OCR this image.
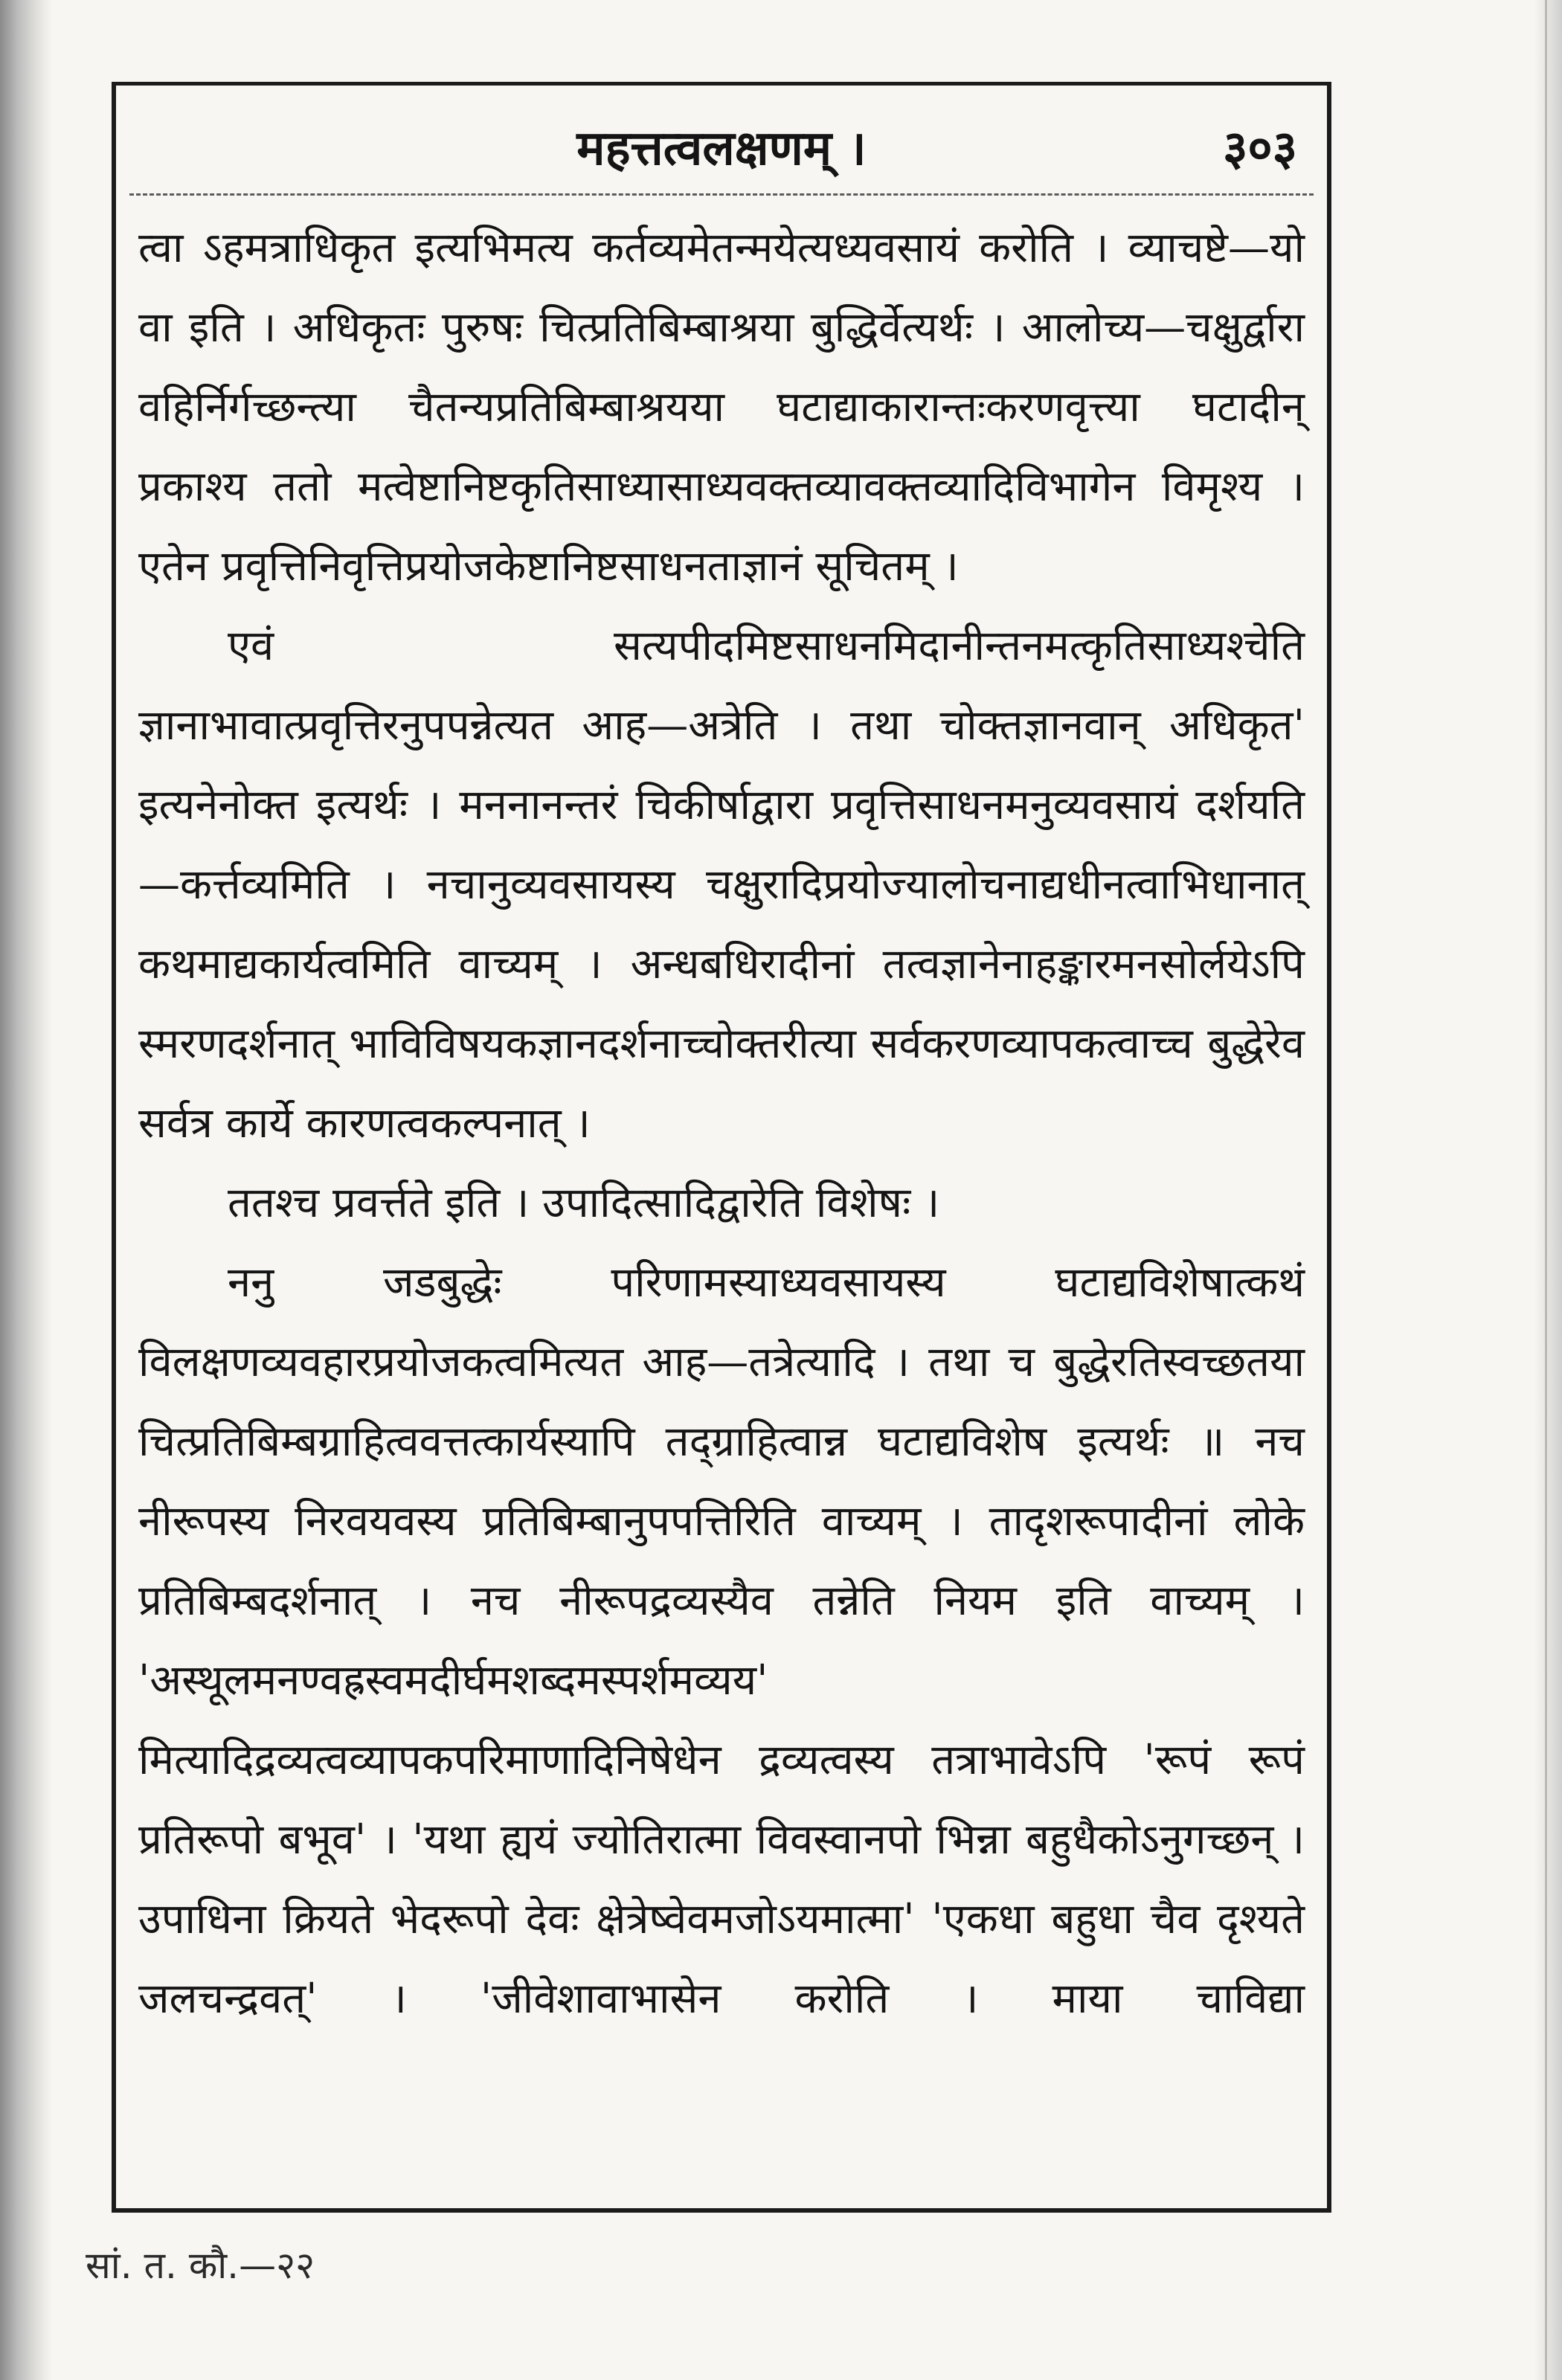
महत्तत्वलक्षणम् ।	३०३

त्वा ऽहमत्राधिकृत इत्यभिमत्य कर्तव्यमेतन्मयेत्यध्यवसायं करोति । व्याचष्टे—यो वा इति । अधिकृतः पुरुषः चित्प्रतिबिम्बाश्रया बुद्धिर्वेत्यर्थः । आलोच्य—चक्षुर्द्वारा वहिर्निर्गच्छन्त्या चैतन्यप्रतिबिम्बाश्रयया घटाद्याकारान्तःकरणवृत्त्या घटादीन् प्रकाश्य ततो मत्वेष्टानिष्टकृतिसाध्यासाध्यवक्तव्यावक्तव्यादिविभागेन विमृश्य । एतेन प्रवृत्तिनिवृत्तिप्रयोजकेष्टानिष्टसाधनताज्ञानं सूचितम् ।

एवं सत्यपीदमिष्टसाधनमिदानीन्तनमत्कृतिसाध्यश्चेति ज्ञानाभावात्प्रवृत्तिरनुपपन्नेत्यत आह—अत्रेति । तथा चोक्तज्ञानवान् अधिकृत' इत्यनेनोक्त इत्यर्थः । मननानन्तरं चिकीर्षाद्वारा प्रवृत्तिसाधनमनुव्यवसायं दर्शयति—कर्त्तव्यमिति । नचानुव्यवसायस्य चक्षुरादिप्रयोज्यालोचनाद्यधीनत्वाभिधानात् कथमाद्यकार्यत्वमिति वाच्यम् । अन्धबधिरादीनां तत्वज्ञानेनाहङ्कारमनसोर्लयेऽपि स्मरणदर्शनात् भाविविषयकज्ञानदर्शनाच्चोक्तरीत्या सर्वकरणव्यापकत्वाच्च बुद्धेरेव सर्वत्र कार्ये कारणत्वकल्पनात् ।

ततश्च प्रवर्त्तते इति । उपादित्सादिद्वारेति विशेषः ।

ननु जडबुद्धेः परिणामस्याध्यवसायस्य घटाद्यविशेषात्कथं विलक्षणव्यवहारप्रयोजकत्वमित्यत आह—तत्रेत्यादि । तथा च बुद्धेरतिस्वच्छतया चित्प्रतिबिम्बग्राहित्ववत्तत्कार्यस्यापि तद्ग्राहित्वान्न घटाद्यविशेष इत्यर्थः ॥ नच नीरूपस्य निरवयवस्य प्रतिबिम्बानुपपत्तिरिति वाच्यम् । तादृशरूपादीनां लोके प्रतिबिम्बदर्शनात् । नच नीरूपद्रव्यस्यैव तन्नेति नियम इति वाच्यम् । 'अस्थूलमनण्वह्रस्वमदीर्घमशब्दमस्पर्शमव्यय' मित्यादिद्रव्यत्वव्यापकपरिमाणादिनिषेधेन द्रव्यत्वस्य तत्राभावेऽपि 'रूपं रूपं प्रतिरूपो बभूव' । 'यथा ह्ययं ज्योतिरात्मा विवस्वानपो भिन्ना बहुधैकोऽनुगच्छन् । उपाधिना क्रियते भेदरूपो देवः क्षेत्रेष्वेवमजोऽयमात्मा' 'एकधा बहुधा चैव दृश्यते जलचन्द्रवत्' । 'जीवेशावाभासेन करोति । माया चाविद्या

सां. त. कौ.—२२
